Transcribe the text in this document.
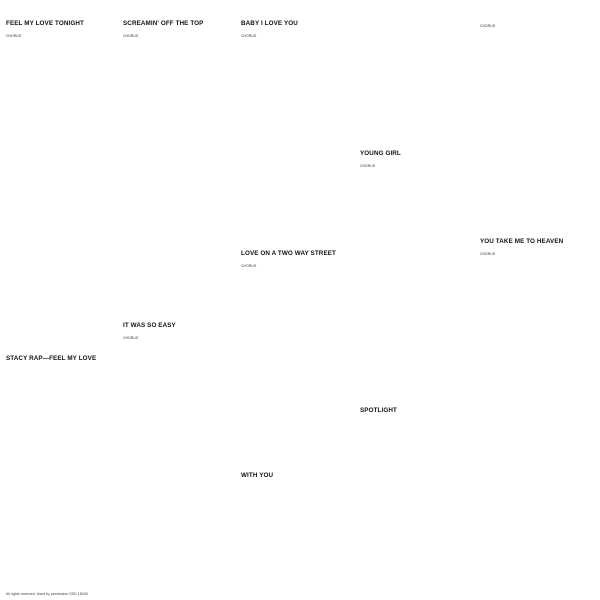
FEEL MY LOVE TONIGHT
CHORUS
STACY RAP—FEEL MY LOVE
SCREAMIN' OFF THE TOP
CHORUS
IT WAS SO EASY
CHORUS
BABY I LOVE YOU
CHORUS
LOVE ON A TWO WAY STREET
CHORUS
WITH YOU
YOUNG GIRL
CHORUS
SPOTLIGHT
CHORUS
YOU TAKE ME TO HEAVEN
CHORUS
All rights reserved. Used by permission SSD 18045
